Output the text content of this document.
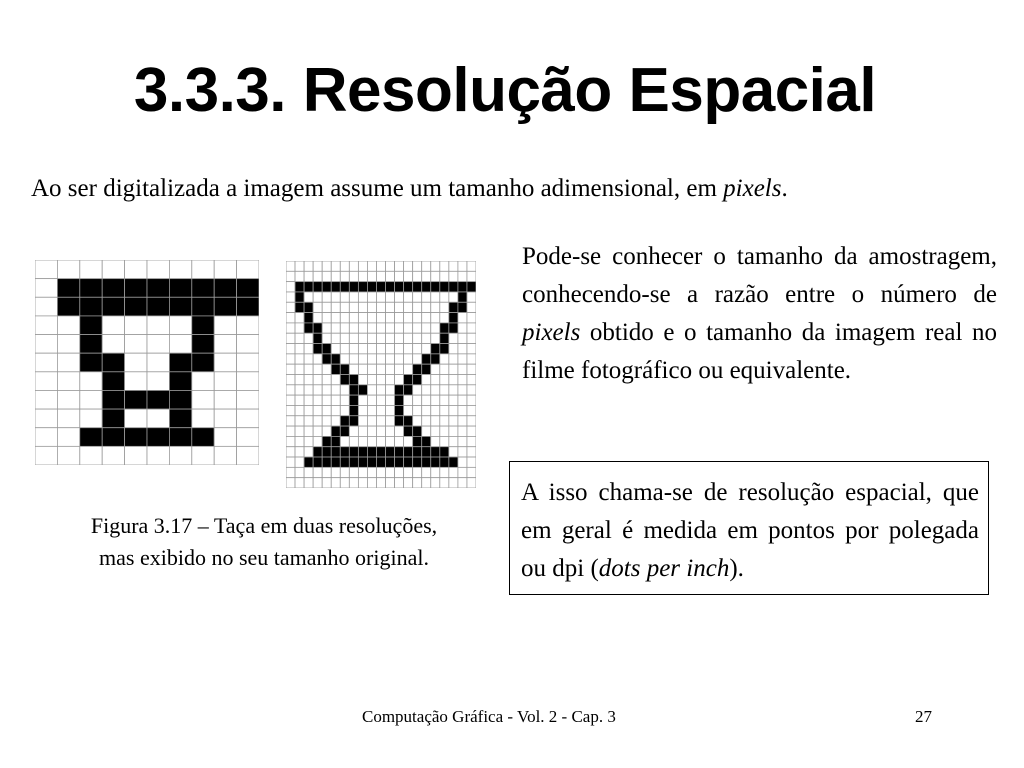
3.3.3. Resolução Espacial
Ao ser digitalizada a imagem assume um tamanho adimensional, em pixels.
Figura 3.17 – Taça em duas resoluções,
mas exibido no seu tamanho original.
Pode-se conhecer o tamanho da amostragem, conhecendo-se a razão entre o número de pixels obtido e o tamanho da imagem real no filme fotográfico ou equivalente.
A isso chama-se de resolução espacial, que em geral é medida em pontos por polegada ou dpi (dots per inch).
Computação Gráfica - Vol. 2 - Cap. 3	27
